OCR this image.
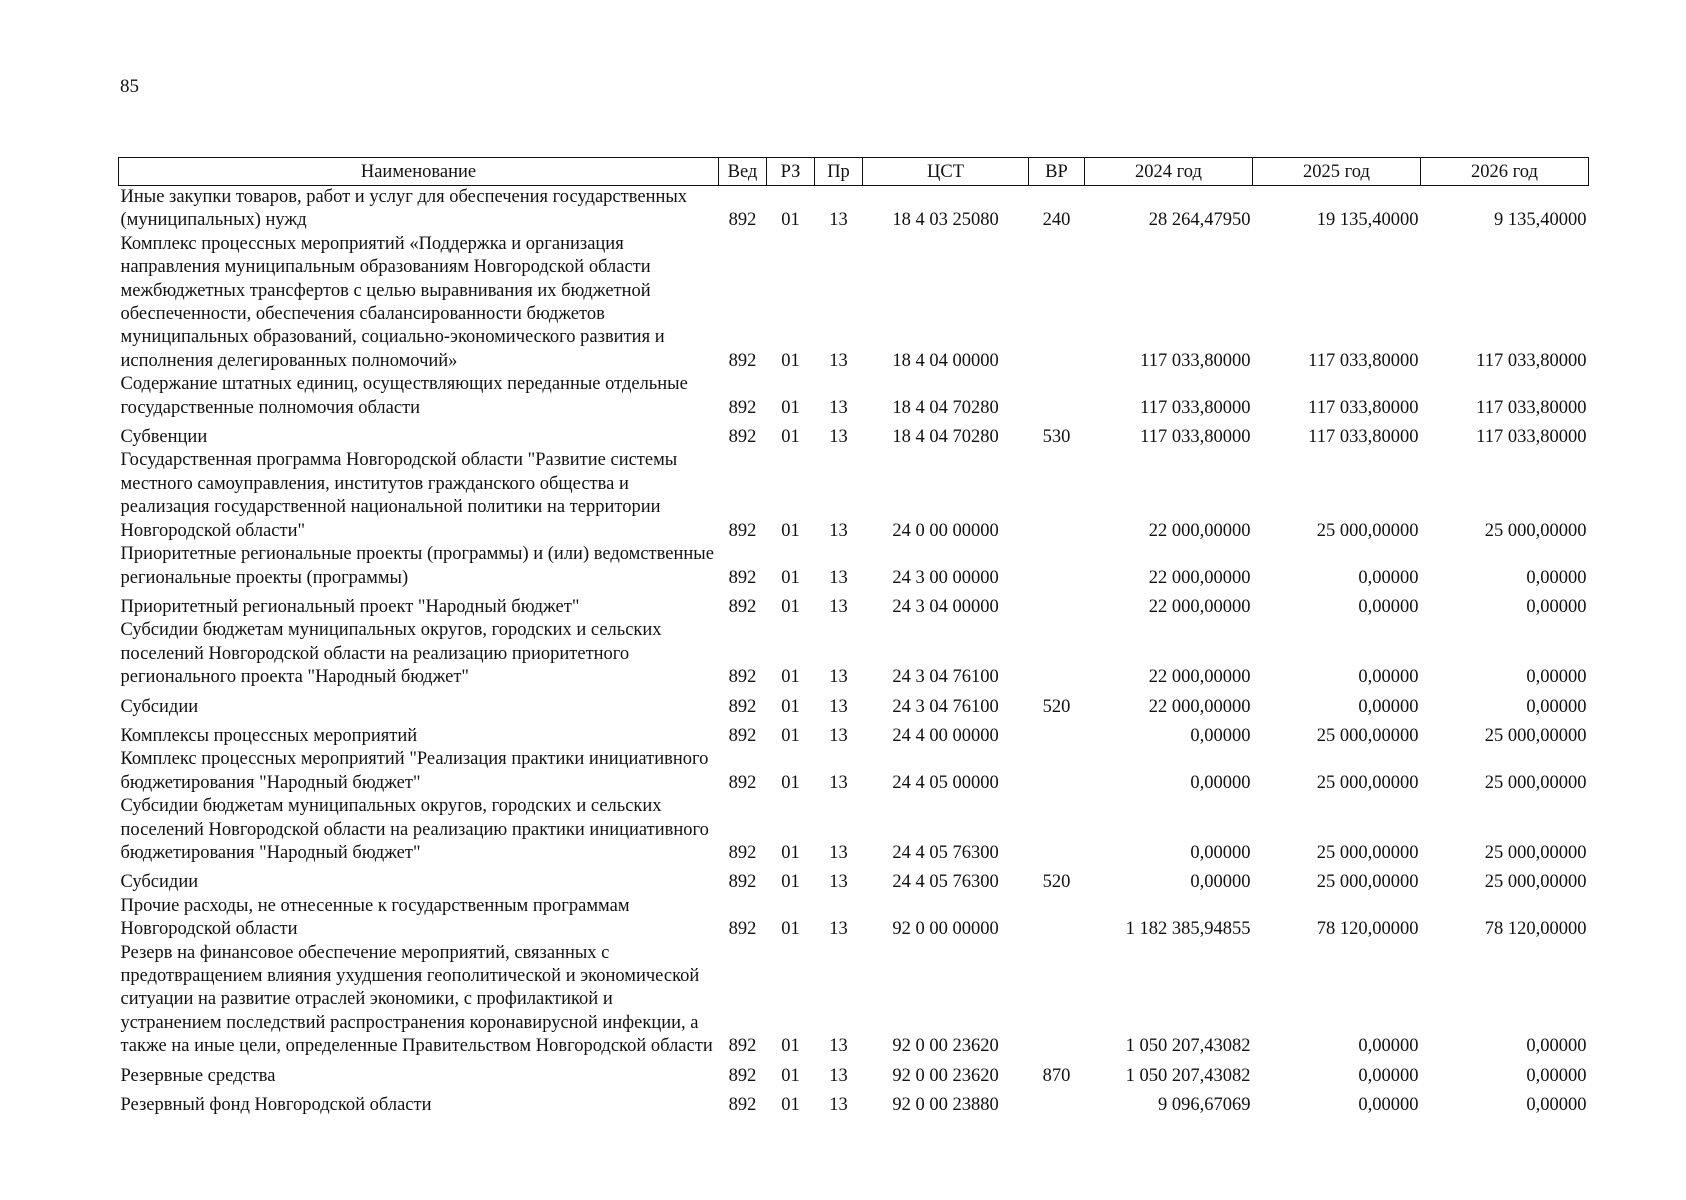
85
Наименование	Вед	РЗ	Пр	ЦСТ	ВР	2024 год	2025 год	2026 год
Иные закупки товаров, работ и услуг для обеспечения государственных (муниципальных) нужд	892	01	13	18 4 03 25080	240	28 264,47950	19 135,40000	9 135,40000
Комплекс процессных мероприятий «Поддержка и организация направления муниципальным образованиям Новгородской области межбюджетных трансфертов с целью выравнивания их бюджетной обеспеченности, обеспечения сбалансированности бюджетов муниципальных образований, социально-экономического развития и исполнения делегированных полномочий»	892	01	13	18 4 04 00000		117 033,80000	117 033,80000	117 033,80000
Содержание штатных единиц, осуществляющих переданные отдельные государственные полномочия области	892	01	13	18 4 04 70280		117 033,80000	117 033,80000	117 033,80000
Субвенции	892	01	13	18 4 04 70280	530	117 033,80000	117 033,80000	117 033,80000
Государственная программа Новгородской области "Развитие системы местного самоуправления, институтов гражданского общества и реализация государственной национальной политики на территории Новгородской области"	892	01	13	24 0 00 00000		22 000,00000	25 000,00000	25 000,00000
Приоритетные региональные проекты (программы) и (или) ведомственные региональные проекты (программы)	892	01	13	24 3 00 00000		22 000,00000	0,00000	0,00000
Приоритетный региональный проект "Народный бюджет"	892	01	13	24 3 04 00000		22 000,00000	0,00000	0,00000
Субсидии бюджетам муниципальных округов, городских и сельских поселений Новгородской области на реализацию приоритетного регионального проекта "Народный бюджет"	892	01	13	24 3 04 76100		22 000,00000	0,00000	0,00000
Субсидии	892	01	13	24 3 04 76100	520	22 000,00000	0,00000	0,00000
Комплексы процессных мероприятий	892	01	13	24 4 00 00000		0,00000	25 000,00000	25 000,00000
Комплекс процессных мероприятий "Реализация практики инициативного бюджетирования "Народный бюджет"	892	01	13	24 4 05 00000		0,00000	25 000,00000	25 000,00000
Субсидии бюджетам муниципальных округов, городских и сельских поселений Новгородской области на реализацию практики инициативного бюджетирования "Народный бюджет"	892	01	13	24 4 05 76300		0,00000	25 000,00000	25 000,00000
Субсидии	892	01	13	24 4 05 76300	520	0,00000	25 000,00000	25 000,00000
Прочие расходы, не отнесенные к государственным программам Новгородской области	892	01	13	92 0 00 00000		1 182 385,94855	78 120,00000	78 120,00000
Резерв на финансовое обеспечение мероприятий, связанных с предотвращением влияния ухудшения геополитической и экономической ситуации на развитие отраслей экономики, с профилактикой и устранением последствий распространения коронавирусной инфекции, а также на иные цели, определенные Правительством Новгородской области	892	01	13	92 0 00 23620		1 050 207,43082	0,00000	0,00000
Резервные средства	892	01	13	92 0 00 23620	870	1 050 207,43082	0,00000	0,00000
Резервный фонд Новгородской области	892	01	13	92 0 00 23880		9 096,67069	0,00000	0,00000
